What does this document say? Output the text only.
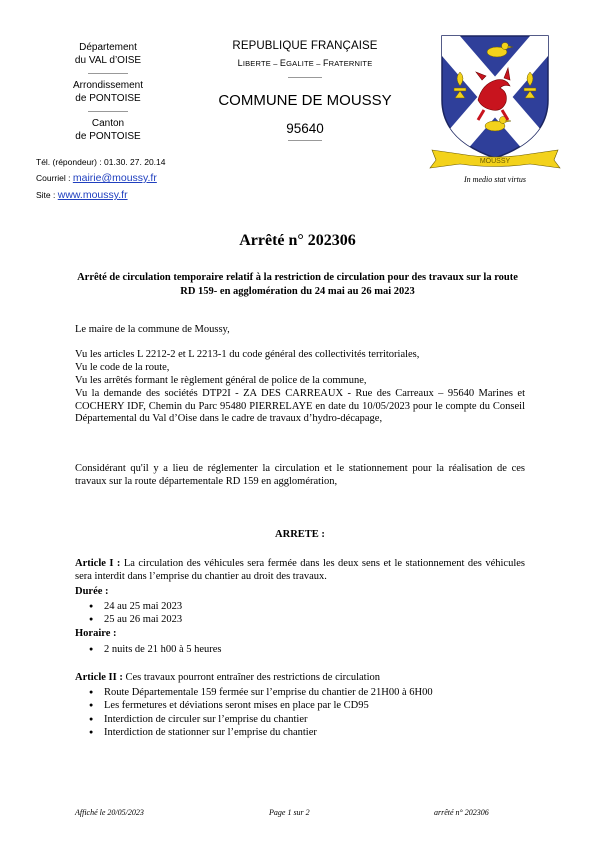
Département
du VAL d’OISE
Arrondissement
de PONTOISE
Canton
de PONTOISE
Tél. (répondeur) : 01.30. 27. 20.14
Courriel : mairie@moussy.fr
Site : www.moussy.fr
REPUBLIQUE FRANÇAISE
LIBERTE – EGALITE – FRATERNITE
COMMUNE DE MOUSSY
95640
MOUSSY
In medio stat virtus
Arrêté n° 202306
Arrêté de circulation temporaire relatif à la restriction de circulation pour des travaux sur la route RD 159- en agglomération du 24 mai au 26 mai 2023
Le maire de la commune de Moussy,
Vu les articles L 2212-2 et L 2213-1 du code général des collectivités territoriales,
Vu le code de la route,
Vu les arrêtés formant le règlement général de police de la commune,
Vu la demande des sociétés DTP2I - ZA DES CARREAUX - Rue des Carreaux – 95640 Marines et COCHERY IDF, Chemin du Parc 95480 PIERRELAYE en date du 10/05/2023 pour le compte du Conseil Départemental du Val d’Oise dans le cadre de travaux d’hydro-décapage,
Considérant qu'il y a lieu de réglementer la circulation et le stationnement pour la réalisation de ces travaux sur la route départementale RD 159 en agglomération,
ARRETE :
Article I : La circulation des véhicules sera fermée dans les deux sens et le stationnement des véhicules sera interdit dans l’emprise du chantier au droit des travaux.
Durée :
● 24 au 25 mai 2023
● 25 au 26 mai 2023
Horaire :
● 2 nuits de 21 h00 à 5 heures
Article II : Ces travaux pourront entraîner des restrictions de circulation
● Route Départementale 159 fermée sur l’emprise du chantier de 21H00 à 6H00
● Les fermetures et déviations seront mises en place par le CD95
● Interdiction de circuler sur l’emprise du chantier
● Interdiction de stationner sur l’emprise du chantier
Affiché le 20/05/2023	Page 1 sur 2	arrêté n° 202306
